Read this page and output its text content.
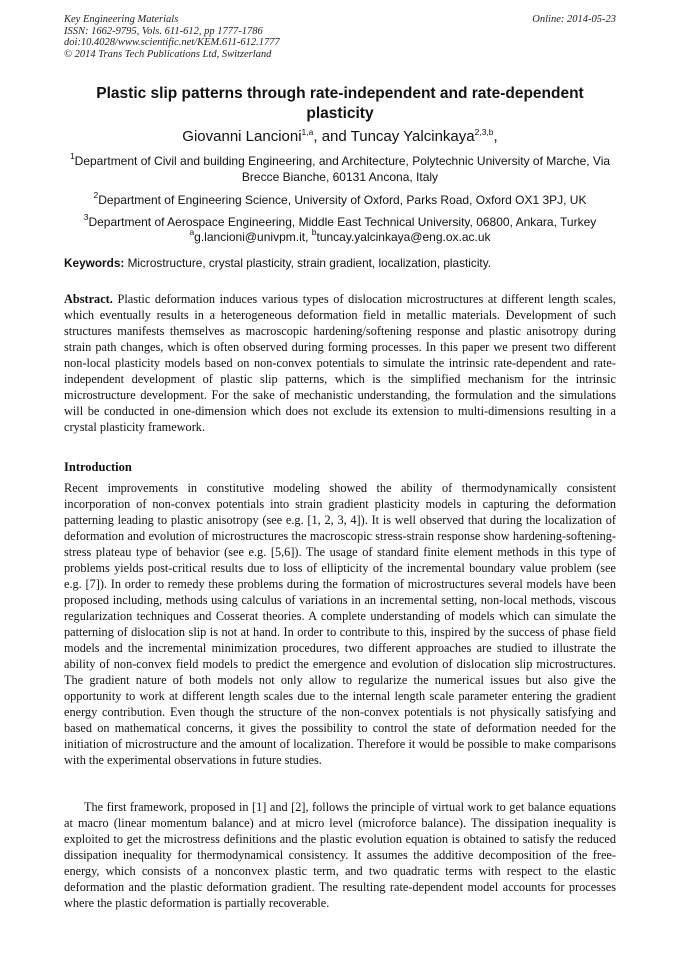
Key Engineering Materials
ISSN: 1662-9795, Vols. 611-612, pp 1777-1786
doi:10.4028/www.scientific.net/KEM.611-612.1777
© 2014 Trans Tech Publications Ltd, Switzerland
Online: 2014-05-23
Plastic slip patterns through rate-independent and rate-dependent plasticity
Giovanni Lancioni$^{1,a}$, and Tuncay Yalcinkaya$^{2,3,b}$,
$^1$Department of Civil and building Engineering, and Architecture, Polytechnic University of Marche, Via Brecce Bianche, 60131 Ancona, Italy
$^2$Department of Engineering Science, University of Oxford, Parks Road, Oxford OX1 3PJ, UK
$^3$Department of Aerospace Engineering, Middle East Technical University, 06800, Ankara, Turkey
$^a$g.lancioni@univpm.it, $^b$tuncay.yalcinkaya@eng.ox.ac.uk
Keywords: Microstructure, crystal plasticity, strain gradient, localization, plasticity.
Abstract. Plastic deformation induces various types of dislocation microstructures at different length scales, which eventually results in a heterogeneous deformation field in metallic materials. Development of such structures manifests themselves as macroscopic hardening/softening response and plastic anisotropy during strain path changes, which is often observed during forming processes. In this paper we present two different non-local plasticity models based on non-convex potentials to simulate the intrinsic rate-dependent and rate-independent development of plastic slip patterns, which is the simplified mechanism for the intrinsic microstructure development. For the sake of mechanistic understanding, the formulation and the simulations will be conducted in one-dimension which does not exclude its extension to multi-dimensions resulting in a crystal plasticity framework.
Introduction
Recent improvements in constitutive modeling showed the ability of thermodynamically consistent incorporation of non-convex potentials into strain gradient plasticity models in capturing the deformation patterning leading to plastic anisotropy (see e.g. [1, 2, 3, 4]). It is well observed that during the localization of deformation and evolution of microstructures the macroscopic stress-strain response show hardening-softening-stress plateau type of behavior (see e.g. [5,6]). The usage of standard finite element methods in this type of problems yields post-critical results due to loss of ellipticity of the incremental boundary value problem (see e.g. [7]). In order to remedy these problems during the formation of microstructures several models have been proposed including, methods using calculus of variations in an incremental setting, non-local methods, viscous regularization techniques and Cosserat theories. A complete understanding of models which can simulate the patterning of dislocation slip is not at hand. In order to contribute to this, inspired by the success of phase field models and the incremental minimization procedures, two different approaches are studied to illustrate the ability of non-convex field models to predict the emergence and evolution of dislocation slip microstructures. The gradient nature of both models not only allow to regularize the numerical issues but also give the opportunity to work at different length scales due to the internal length scale parameter entering the gradient energy contribution. Even though the structure of the non-convex potentials is not physically satisfying and based on mathematical concerns, it gives the possibility to control the state of deformation needed for the initiation of microstructure and the amount of localization. Therefore it would be possible to make comparisons with the experimental observations in future studies.
The first framework, proposed in [1] and [2], follows the principle of virtual work to get balance equations at macro (linear momentum balance) and at micro level (microforce balance). The dissipation inequality is exploited to get the microstress definitions and the plastic evolution equation is obtained to satisfy the reduced dissipation inequality for thermodynamical consistency. It assumes the additive decomposition of the free-energy, which consists of a nonconvex plastic term, and two quadratic terms with respect to the elastic deformation and the plastic deformation gradient. The resulting rate-dependent model accounts for processes where the plastic deformation is partially recoverable.
